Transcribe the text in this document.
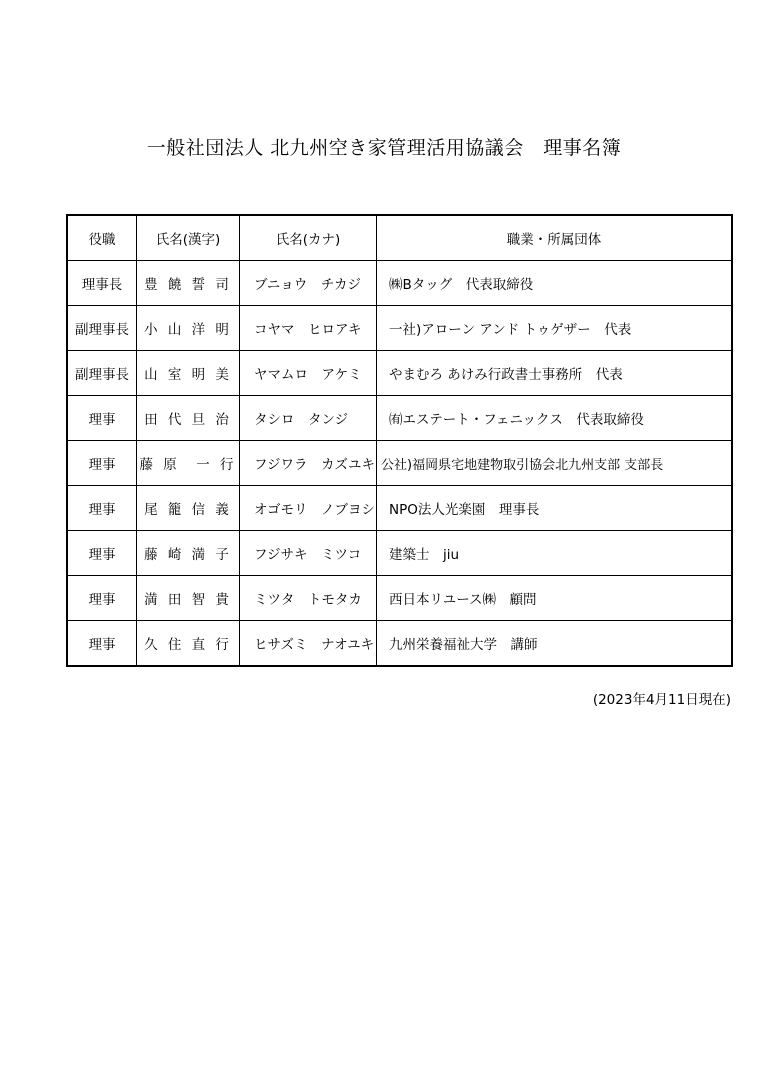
一般社団法人 北九州空き家管理活用協議会　理事名簿
役職	氏名(漢字)	氏名(カナ)	職業・所属団体
理事長	豊 饒 誓 司	ブニョウ　チカジ	㈱Bタッグ　代表取締役
副理事長	小 山 洋 明	コヤマ　ヒロアキ	一社)アローン アンド トゥゲザー　代表
副理事長	山 室 明 美	ヤマムロ　アケミ	やまむろ あけみ行政書士事務所　代表
理事	田 代 旦 治	タシロ　タンジ	㈲エステート・フェニックス　代表取締役
理事	藤 原　一 行	フジワラ　カズユキ	公社)福岡県宅地建物取引協会北九州支部 支部長
理事	尾 籠 信 義	オゴモリ　ノブヨシ	NPO法人光楽園　理事長
理事	藤 崎 満 子	フジサキ　ミツコ	建築士　jiu
理事	満 田 智 貴	ミツタ　トモタカ	西日本リユース㈱　顧問
理事	久 住 直 行	ヒサズミ　ナオユキ	九州栄養福祉大学　講師
(2023年4月11日現在)
